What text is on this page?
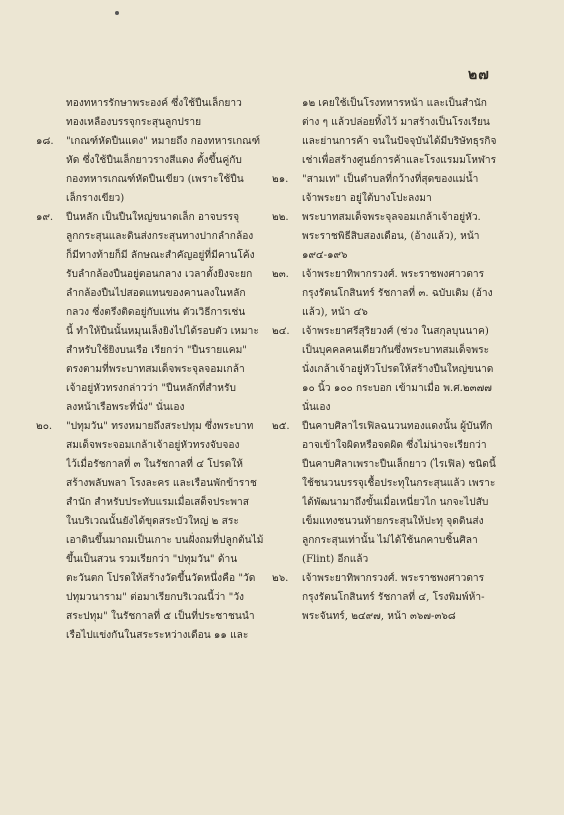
๒๗
ทองทหารรักษาพระองค์ ซึ่งใช้ปืนเล็กยาว
ทองเหลืองบรรจุกระสุนลูกปราย
๑๘. "เกณฑ์หัดปืนแดง" หมายถึง กองทหารเกณฑ์
หัด ซึ่งใช้ปืนเล็กยาวรางสีแดง ตั้งขึ้นคู่กับ
กองทหารเกณฑ์หัดปืนเขียว (เพราะใช้ปืน
เล็กรางเขียว)
๑๙. ปืนหลัก เป็นปืนใหญ่ขนาดเล็ก อาจบรรจุ
ลูกกระสุนและดินส่งกระสุนทางปากลำกล้อง
ก็มีทางท้ายก็มี ลักษณะสำคัญอยู่ที่มีคานโค้ง
รับลำกล้องปืนอยู่ตอนกลาง เวลาตั้งยิงจะยก
ลำกล้องปืนไปสอดแทนของคานลงในหลัก
กลวง ซึ่งตรึงติดอยู่กับแท่น ตัวเวิธีการเช่น
นี้ ทำให้ปืนนั้นหมุนเล็งยิงไปได้รอบตัว เหมาะ
สำหรับใช้ยิงบนเรือ เรียกว่า "ปืนรายแคม"
ตรงตามที่พระบาทสมเด็จพระจุลจอมเกล้า
เจ้าอยู่หัวทรงกล่าวว่า "ปืนหลักที่สำหรับ
ลงหน้าเรือพระที่นั่ง" นั่นเอง
๒๐. "ปทุมวัน" ทรงหมายถึงสระปทุม ซึ่งพระบาท
สมเด็จพระจอมเกล้าเจ้าอยู่หัวทรงจับจอง
ไว้เมื่อรัชกาลที่ ๓ ในรัชกาลที่ ๔ โปรดให้
สร้างพลับพลา โรงละคร และเรือนพักข้าราช
สำนัก สำหรับประทับแรมเมื่อเสด็จประพาส
ในบริเวณนั้นยังได้ขุดสระบัวใหญ่ ๒ สระ
เอาดินขึ้นมาถมเป็นเกาะ บนฝั่งถมที่ปลูกต้นไม้
ขึ้นเป็นสวน รวมเรียกว่า "ปทุมวัน" ด้าน
ตะวันตก โปรดให้สร้างวัดขึ้นวัดหนึ่งคือ "วัด
ปทุมวนาราม" ต่อมาเรียกบริเวณนี้ว่า "วัง
สระปทุม" ในรัชกาลที่ ๕ เป็นที่ประชาชนนำ
เรือไปแข่งกันในสระระหว่างเดือน ๑๑ และ
๑๒ เคยใช้เป็นโรงทหารหน้า และเป็นสำนัก
ต่าง ๆ แล้วปล่อยทิ้งไว้ มาสร้างเป็นโรงเรียน
และย่านการค้า จนในปัจจุบันได้มีบริษัทธุรกิจ
เช่าเพื่อสร้างศูนย์การค้าและโรงแรมมโหฬาร
๒๑. "สามเท" เป็นตำบลที่กว้างที่สุดของแม่น้ำ
เจ้าพระยา อยู่ใต้บางโปะลงมา
๒๒. พระบาทสมเด็จพระจุลจอมเกล้าเจ้าอยู่หัว.
พระราชพิธีสิบสองเดือน, (อ้างแล้ว), หน้า
๑๙๔-๑๙๖
๒๓. เจ้าพระยาทิพากรวงศ์. พระราชพงศาวดาร
กรุงรัตนโกสินทร์ รัชกาลที่ ๓. ฉบับเดิม (อ้าง
แล้ว), หน้า ๔๖
๒๔. เจ้าพระยาศรีสุริยวงศ์ (ช่วง ในสกุลบุนนาค)
เป็นบุคคลคนเดียวกันซึ่งพระบาทสมเด็จพระ
นั่งเกล้าเจ้าอยู่หัวโปรดให้สร้างปืนใหญ่ขนาด
๑๐ นิ้ว ๑๐๐ กระบอก เข้ามาเมื่อ พ.ศ.๒๓๗๗
นั่นเอง
๒๕. ปืนคาบศิลาไรเฟิลฉนวนทองแดงนั้น ผู้บันทึก
อาจเข้าใจผิดหรือจดผิด ซึ่งไม่น่าจะเรียกว่า
ปืนคาบศิลาเพราะปืนเล็กยาว (ไรเฟิล) ชนิดนี้
ใช้ชนวนบรรจุเชื้อประทุในกระสุนแล้ว เพราะ
ได้พัฒนามาถึงขั้นเมื่อเหนี่ยวไก นกจะไปสับ
เข็มแทงชนวนท้ายกระสุนให้ปะทุ จุดดินส่ง
ลูกกระสุนเท่านั้น ไม่ได้ใช้นกคาบชิ้นศิลา
(Flint) อีกแล้ว
๒๖. เจ้าพระยาทิพากรวงศ์. พระราชพงศาวดาร
กรุงรัตนโกสินทร์ รัชกาลที่ ๔, โรงพิมพ์ห้า-
พระจันทร์, ๒๔๙๗, หน้า ๓๖๗-๓๖๘
